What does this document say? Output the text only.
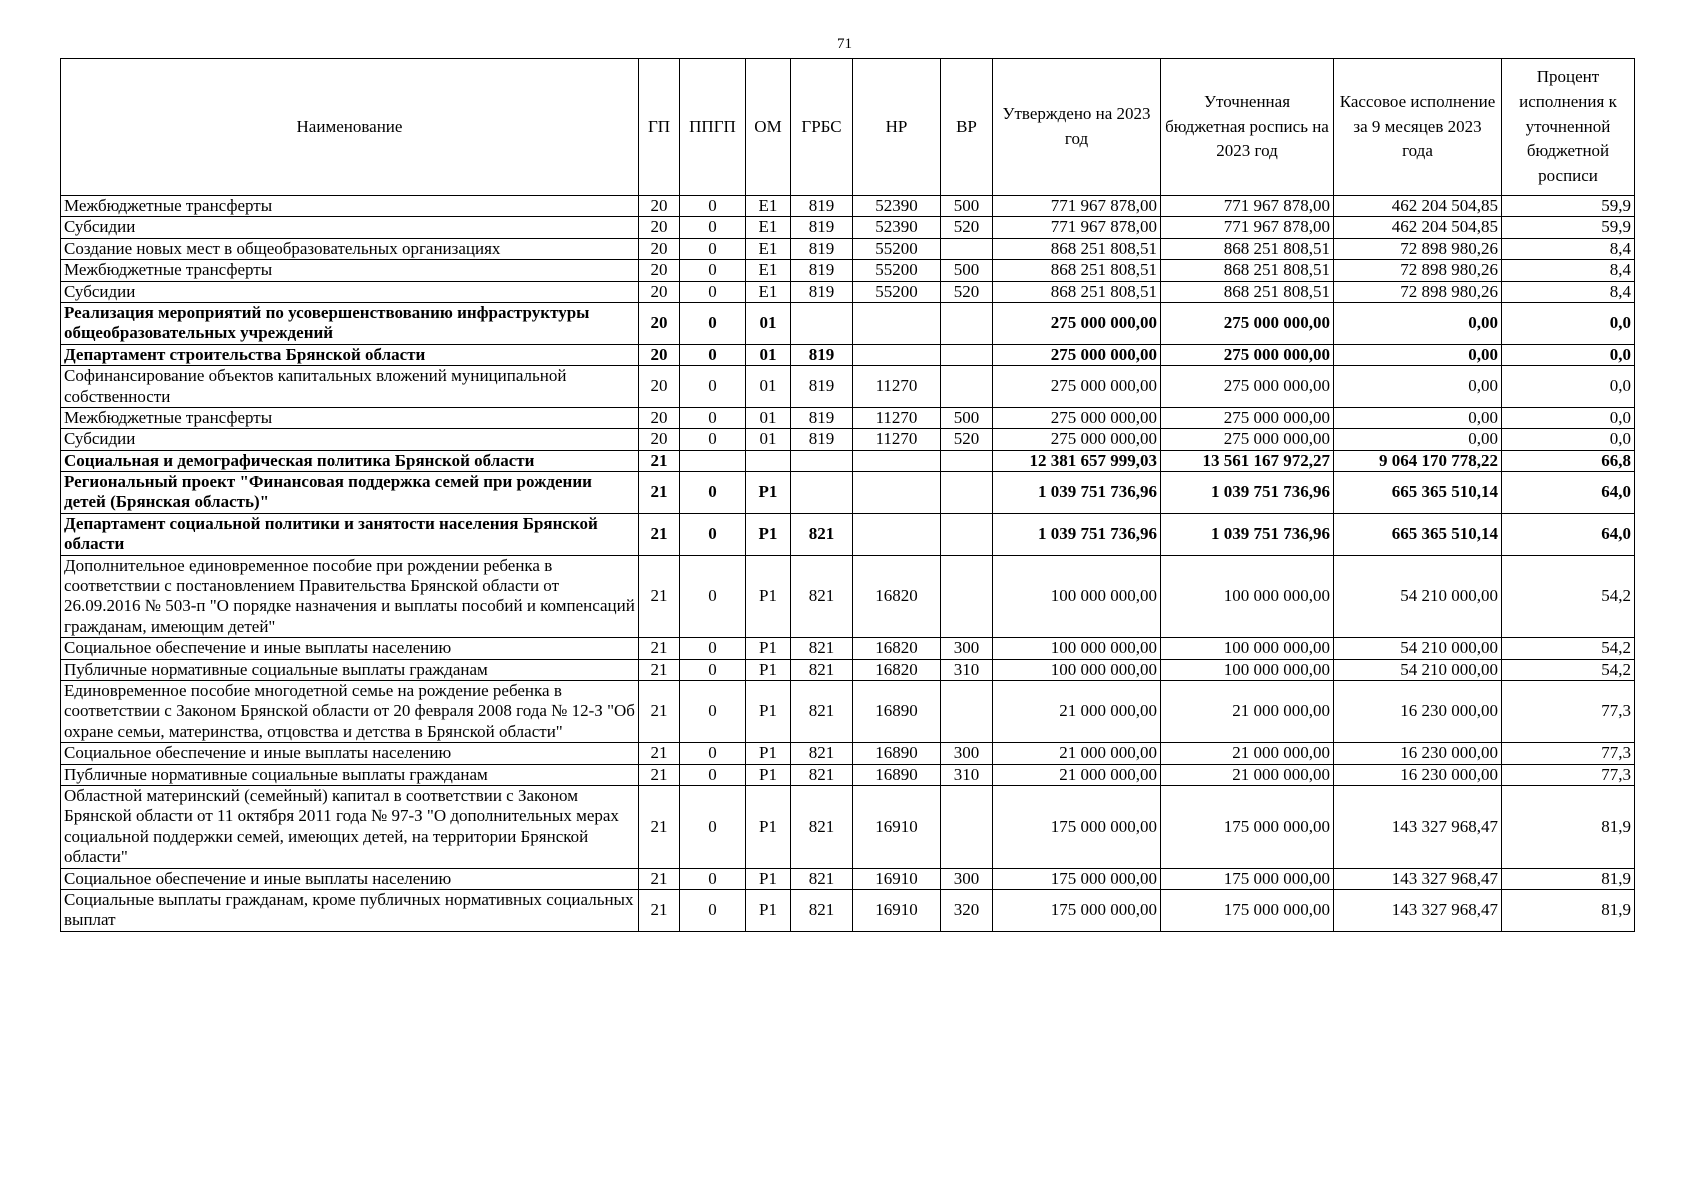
71
Наименование	ГП	ППГП	ОМ	ГРБС	НР	ВР	Утверждено на 2023 год	Уточненная бюджетная роспись на 2023 год	Кассовое исполнение за 9 месяцев 2023 года	Процент исполнения к уточненной бюджетной росписи
Межбюджетные трансферты	20	0	Е1	819	52390	500	771 967 878,00	771 967 878,00	462 204 504,85	59,9
Субсидии	20	0	Е1	819	52390	520	771 967 878,00	771 967 878,00	462 204 504,85	59,9
Создание новых мест в общеобразовательных организациях	20	0	Е1	819	55200		868 251 808,51	868 251 808,51	72 898 980,26	8,4
Межбюджетные трансферты	20	0	Е1	819	55200	500	868 251 808,51	868 251 808,51	72 898 980,26	8,4
Субсидии	20	0	Е1	819	55200	520	868 251 808,51	868 251 808,51	72 898 980,26	8,4
Реализация мероприятий по усовершенствованию инфраструктуры общеобразовательных учреждений	20	0	01				275 000 000,00	275 000 000,00	0,00	0,0
Департамент строительства Брянской области	20	0	01	819			275 000 000,00	275 000 000,00	0,00	0,0
Софинансирование объектов капитальных вложений муниципальной собственности	20	0	01	819	11270		275 000 000,00	275 000 000,00	0,00	0,0
Межбюджетные трансферты	20	0	01	819	11270	500	275 000 000,00	275 000 000,00	0,00	0,0
Субсидии	20	0	01	819	11270	520	275 000 000,00	275 000 000,00	0,00	0,0
Социальная и демографическая политика Брянской области	21						12 381 657 999,03	13 561 167 972,27	9 064 170 778,22	66,8
Региональный проект "Финансовая поддержка семей при рождении детей (Брянская область)"	21	0	Р1				1 039 751 736,96	1 039 751 736,96	665 365 510,14	64,0
Департамент социальной политики и занятости населения Брянской области	21	0	Р1	821			1 039 751 736,96	1 039 751 736,96	665 365 510,14	64,0
Дополнительное единовременное пособие при рождении ребенка в соответствии с постановлением Правительства Брянской области от 26.09.2016 № 503-п "О порядке назначения и выплаты пособий и компенсаций гражданам, имеющим детей"	21	0	Р1	821	16820		100 000 000,00	100 000 000,00	54 210 000,00	54,2
Социальное обеспечение и иные выплаты населению	21	0	Р1	821	16820	300	100 000 000,00	100 000 000,00	54 210 000,00	54,2
Публичные нормативные социальные выплаты гражданам	21	0	Р1	821	16820	310	100 000 000,00	100 000 000,00	54 210 000,00	54,2
Единовременное пособие многодетной семье на рождение ребенка в соответствии с Законом Брянской области от 20 февраля 2008 года № 12-З "Об охране семьи, материнства, отцовства и детства в Брянской области"	21	0	Р1	821	16890		21 000 000,00	21 000 000,00	16 230 000,00	77,3
Социальное обеспечение и иные выплаты населению	21	0	Р1	821	16890	300	21 000 000,00	21 000 000,00	16 230 000,00	77,3
Публичные нормативные социальные выплаты гражданам	21	0	Р1	821	16890	310	21 000 000,00	21 000 000,00	16 230 000,00	77,3
Областной материнский (семейный) капитал в соответствии с Законом Брянской области от 11 октября 2011 года № 97-З "О дополнительных мерах социальной поддержки семей, имеющих детей, на территории Брянской области"	21	0	Р1	821	16910		175 000 000,00	175 000 000,00	143 327 968,47	81,9
Социальное обеспечение и иные выплаты населению	21	0	Р1	821	16910	300	175 000 000,00	175 000 000,00	143 327 968,47	81,9
Социальные выплаты гражданам, кроме публичных нормативных социальных выплат	21	0	Р1	821	16910	320	175 000 000,00	175 000 000,00	143 327 968,47	81,9
